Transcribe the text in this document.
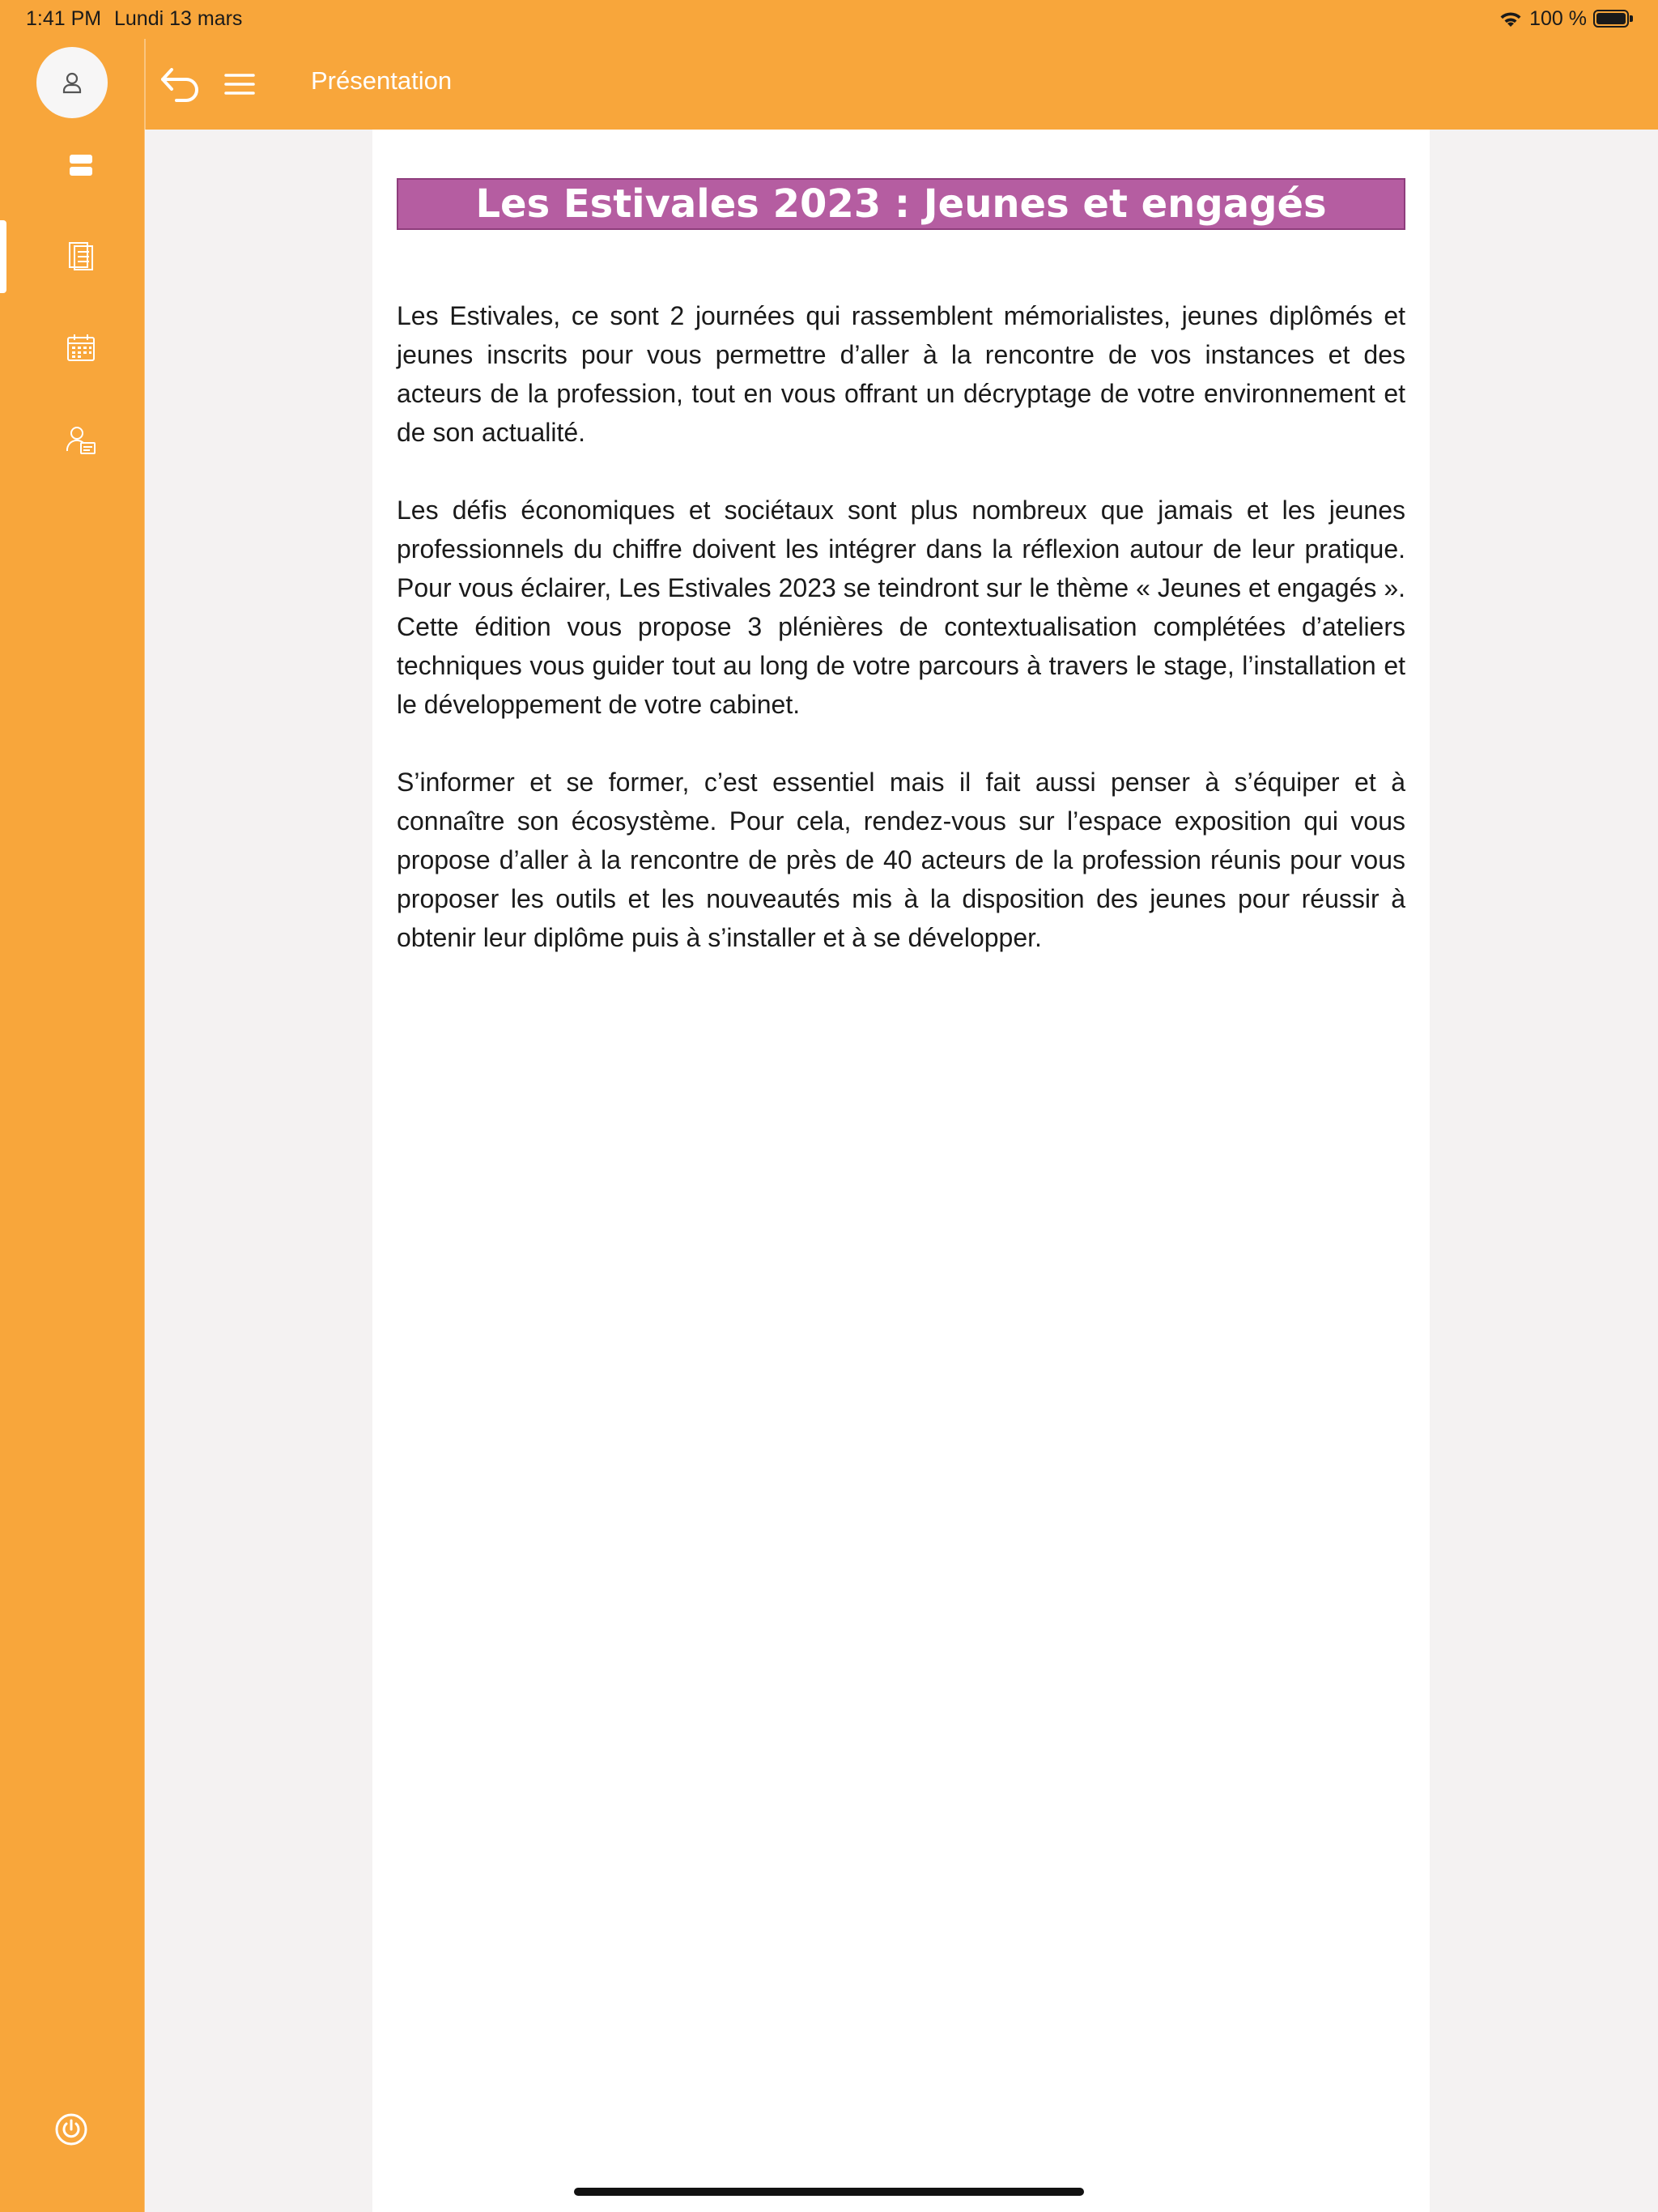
1:41 PM Lundi 13 mars	100 %
Présentation
Les Estivales 2023 : Jeunes et engagés

Les Estivales, ce sont 2 journées qui rassemblent mémorialistes, jeunes diplômés et jeunes inscrits pour vous permettre d’aller à la rencontre de vos instances et des acteurs de la profession, tout en vous offrant un décryptage de votre environnement et de son actualité.

Les défis économiques et sociétaux sont plus nombreux que jamais et les jeunes professionnels du chiffre doivent les intégrer dans la réflexion autour de leur pratique. Pour vous éclairer, Les Estivales 2023 se teindront sur le thème « Jeunes et engagés ». Cette édition vous propose 3 plénières de contextualisation complétées d’ateliers techniques vous guider tout au long de votre parcours à travers le stage, l’installation et le développement de votre cabinet.

S’informer et se former, c’est essentiel mais il fait aussi penser à s’équiper et à connaître son écosystème. Pour cela, rendez-vous sur l’espace exposition qui vous propose d’aller à la rencontre de près de 40 acteurs de la profession réunis pour vous proposer les outils et les nouveautés mis à la disposition des jeunes pour réussir à obtenir leur diplôme puis à s’installer et à se développer.
